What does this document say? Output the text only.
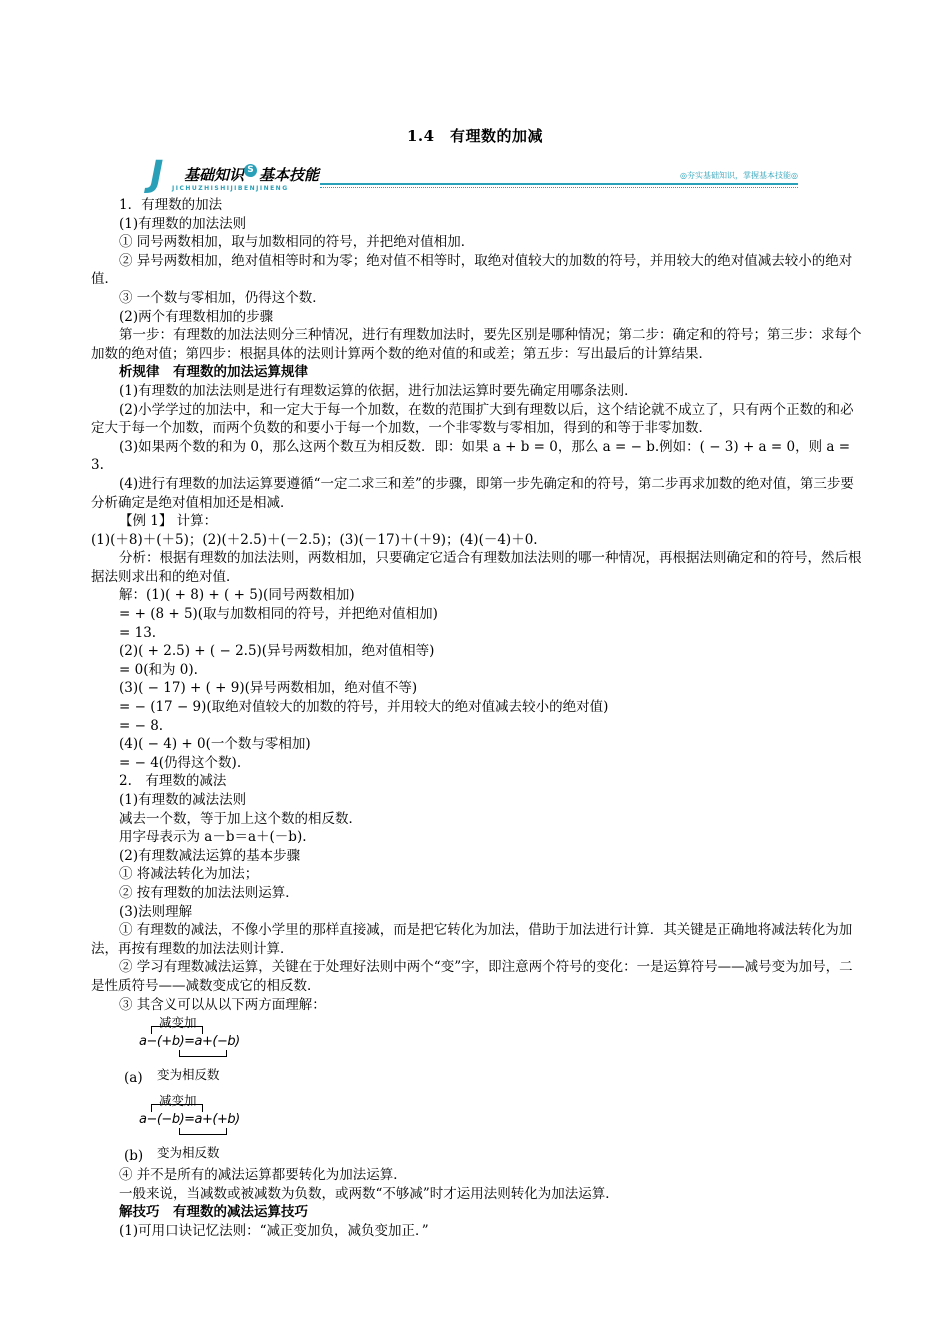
1.4　有理数的加减
J 基础知识 基本技能
S
JICHUZHISHIJIBENJINENG
◎夯实基础知识，掌握基本技能◎

1．有理数的加法

(1)有理数的加法法则

① 同号两数相加，取与加数相同的符号，并把绝对值相加．

② 异号两数相加，绝对值相等时和为零；绝对值不相等时，取绝对值较大的加数的符号，并用较大的绝对值减去较小的绝对值．

③ 一个数与零相加，仍得这个数．

(2)两个有理数相加的步骤

第一步：有理数的加法法则分三种情况，进行有理数加法时，要先区别是哪种情况；第二步：确定和的符号；第三步：求每个加数的绝对值；第四步：根据具体的法则计算两个数的绝对值的和或差；第五步：写出最后的计算结果．

析规律　有理数的加法运算规律

(1)有理数的加法法则是进行有理数运算的依据，进行加法运算时要先确定用哪条法则．

(2)小学学过的加法中，和一定大于每一个加数，在数的范围扩大到有理数以后，这个结论就不成立了，只有两个正数的和必定大于每一个加数，而两个负数的和要小于每一个加数，一个非零数与零相加，得到的和等于非零加数．

(3)如果两个数的和为 0，那么这两个数互为相反数．即：如果 a + b = 0，那么 a = − b.例如：( − 3) + a = 0，则 a = 3.

(4)进行有理数的加法运算要遵循“一定二求三和差”的步骤，即第一步先确定和的符号，第二步再求加数的绝对值，第三步要分析确定是绝对值相加还是相减．

【例 1】 计算：

(1)(＋8)＋(＋5)；(2)(＋2.5)＋(－2.5)；(3)(－17)＋(＋9)；(4)(－4)＋0.

分析：根据有理数的加法法则，两数相加，只要确定它适合有理数加法法则的哪一种情况，再根据法则确定和的符号，然后根据法则求出和的绝对值．

解：(1)( + 8) + ( + 5)(同号两数相加)

= + (8 + 5)(取与加数相同的符号，并把绝对值相加)

= 13.

(2)( + 2.5) + ( − 2.5)(异号两数相加，绝对值相等)

= 0(和为 0).

(3)( − 17) + ( + 9)(异号两数相加，绝对值不等)

= − (17 − 9)(取绝对值较大的加数的符号，并用较大的绝对值减去较小的绝对值)

= − 8.

(4)( − 4) + 0(一个数与零相加)

= − 4(仍得这个数).

2.　有理数的减法

(1)有理数的减法法则

减去一个数，等于加上这个数的相反数．

用字母表示为 a－b＝a＋(－b).

(2)有理数减法运算的基本步骤

① 将减法转化为加法；

② 按有理数的加法法则运算．

(3)法则理解

① 有理数的减法，不像小学里的那样直接减，而是把它转化为加法，借助于加法进行计算．其关键是正确地将减法转化为加法，再按有理数的加法法则计算．

② 学习有理数减法运算，关键在于处理好法则中两个“变”字，即注意两个符号的变化：一是运算符号——减号变为加号，二是性质符号——减数变成它的相反数．

③ 其含义可以从以下两方面理解：

减变加
a−(+b)=a+(−b)
(a) 变为相反数
减变加
a−(−b)=a+(+b)
(b) 变为相反数

④ 并不是所有的减法运算都要转化为加法运算．

一般来说，当减数或被减数为负数，或两数“不够减”时才运用法则转化为加法运算．

解技巧　有理数的减法运算技巧

(1)可用口诀记忆法则：“减正变加负，减负变加正．”
